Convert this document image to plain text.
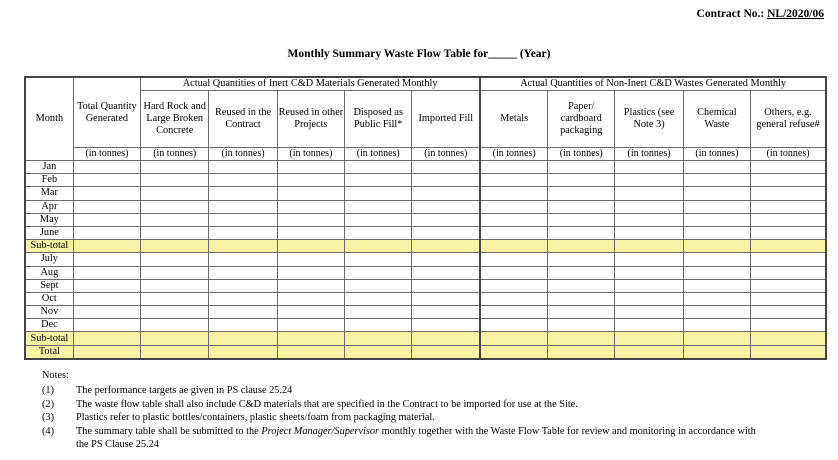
Contract No.: NL/2020/06
Monthly Summary Waste Flow Table for_____ (Year)
Month	Total Quantity Generated	Actual Quantities of Inert C&D Materials Generated Monthly					Actual Quantities of Non-Inert C&D Wastes Generated Monthly				
		Hard Rock and Large Broken Concrete	Reused in the Contract	Reused in other Projects	Disposed as Public Fill*	Imported Fill	Metals	Paper/ cardboard packaging	Plastics (see Note 3)	Chemical Waste	Others, e.g. general refuse#
	(in tonnes)	(in tonnes)	(in tonnes)	(in tonnes)	(in tonnes)	(in tonnes)	(in tonnes)	(in tonnes)	(in tonnes)	(in tonnes)	(in tonnes)
Jan											
Feb											
Mar											
Apr											
May											
June											
Sub-total											
July											
Aug											
Sept											
Oct											
Nov											
Dec											
Sub-total											
Total											
Notes:
(1)	The performance targets ae given in PS clause 25.24
(2)	The waste flow table shall also include C&D materials that are specified in the Contract to be imported for use at the Site.
(3)	Plastics refer to plastic bottles/containers, plastic sheets/foam from packaging material.
(4)	The summary table shall be submitted to the Project Manager/Supervisor monthly together with the Waste Flow Table for review and monitoring in accordance with the PS Clause 25.24
